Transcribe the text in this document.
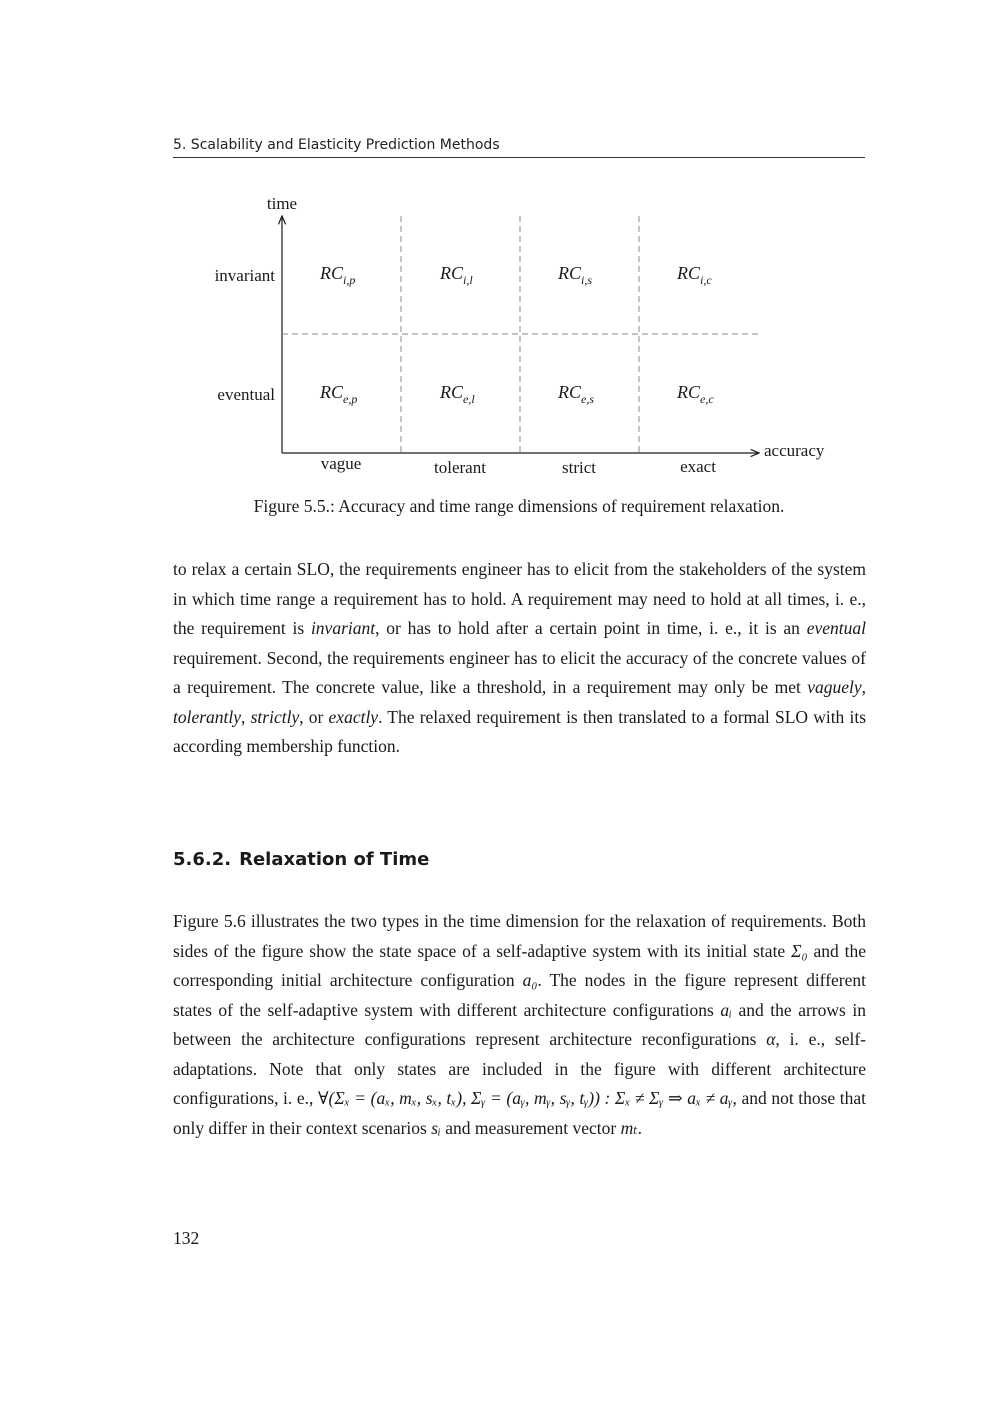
5. Scalability and Elasticity Prediction Methods
time
accuracy
invariant
eventual
vague	tolerant	strict	exact
$RC_{i,p}$	$RC_{i,l}$	$RC_{i,s}$	$RC_{i,c}$
$RC_{e,p}$	$RC_{e,l}$	$RC_{e,s}$	$RC_{e,c}$
Figure 5.5.: Accuracy and time range dimensions of requirement relaxation.
to relax a certain SLO, the requirements engineer has to elicit from the stakeholders of the system in which time range a requirement has to hold. A requirement may need to hold at all times, i. e., the requirement is invariant, or has to hold after a certain point in time, i. e., it is an eventual requirement. Second, the requirements engineer has to elicit the accuracy of the concrete values of a requirement. The concrete value, like a threshold, in a requirement may only be met vaguely, tolerantly, strictly, or exactly. The relaxed requirement is then translated to a formal SLO with its according membership function.
5.6.2. Relaxation of Time
Figure 5.6 illustrates the two types in the time dimension for the relaxation of requirements. Both sides of the figure show the state space of a self-adaptive system with its initial state Σ₀ and the corresponding initial architecture configuration a₀. The nodes in the figure represent different states of the self-adaptive system with different architecture configurations aᵢ and the arrows in between the architecture configurations represent architecture reconfigurations α, i. e., self-adaptations. Note that only states are included in the figure with different architecture configurations, i. e., ∀(Σₓ = (aₓ, mₓ, sₓ, tₓ), Σᵧ = (aᵧ, mᵧ, sᵧ, tᵧ)) : Σₓ ≠ Σᵧ ⇒ aₓ ≠ aᵧ, and not those that only differ in their context scenarios sᵢ and measurement vector mₜ.
132
